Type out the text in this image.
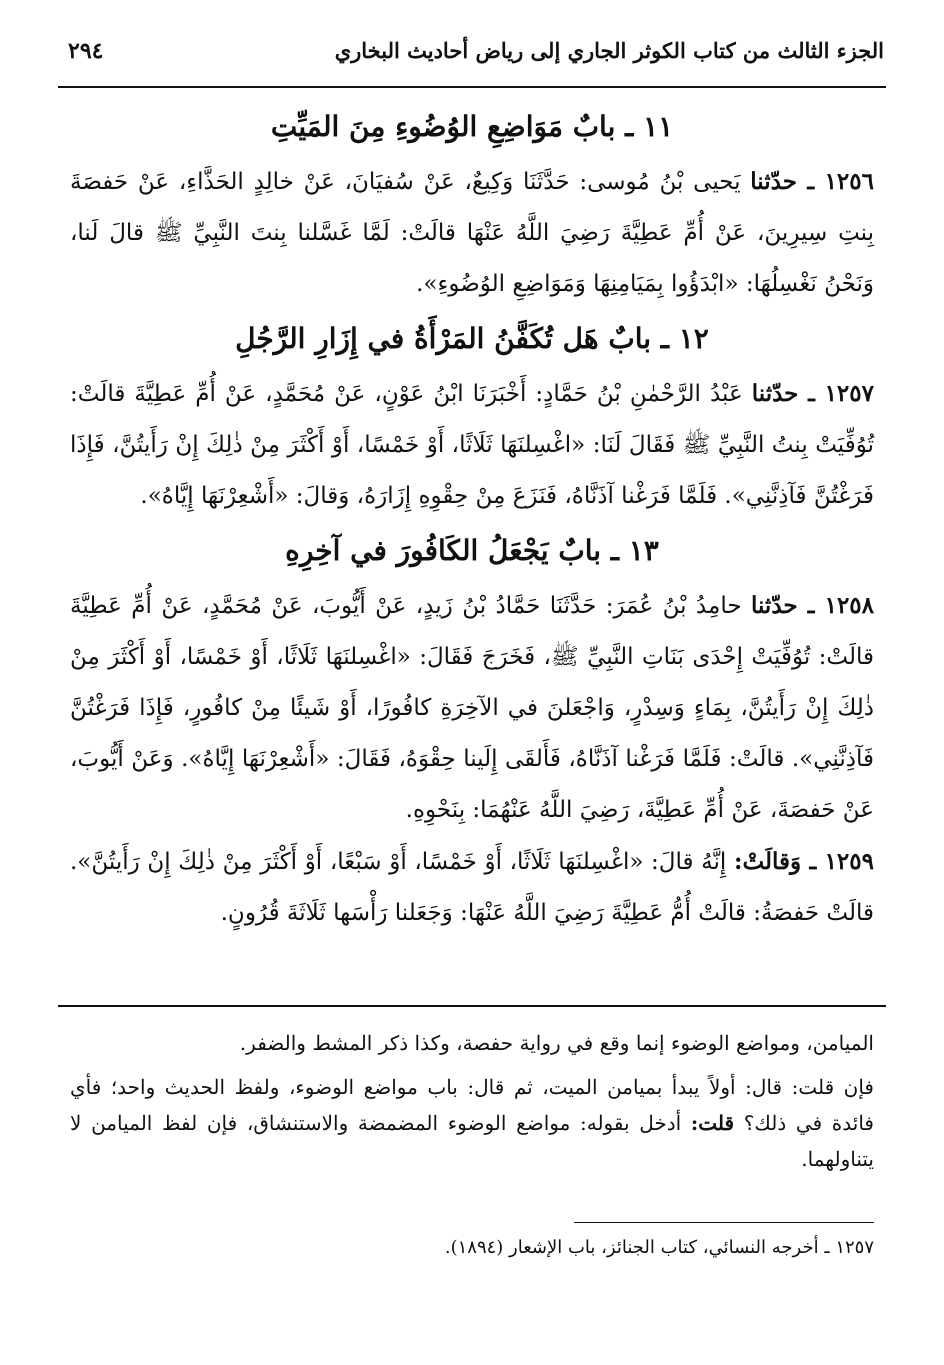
الجزء الثالث من كتاب الكوثر الجاري إلى رياض أحاديث البخاري
٢٩٤
١١ ـ بابٌ مَوَاضِعِ الوُضُوءِ مِنَ المَيِّتِ

١٢٥٦ ـ حدّثنا يَحيى بْنُ مُوسى: حَدَّثَنَا وَكِيعٌ، عَنْ سُفيَانَ، عَنْ خالِدٍ الحَذَّاءِ، عَنْ حَفصَةَ بِنتِ سِيرِينَ، عَنْ أُمِّ عَطِيَّةَ رَضِيَ اللَّهُ عَنْهَا قالَتْ: لَمَّا غَسَّلنا بِنتَ النَّبِيِّ ﷺ قالَ لَنا، وَنَحْنُ نَغْسِلُهَا: «ابْدَؤُوا بِمَيَامِنِهَا وَمَوَاضِعِ الوُضُوءِ».

١٢ ـ بابٌ هَل تُكَفَّنُ المَرْأَةُ في إِزَارِ الرَّجُلِ

١٢٥٧ ـ حدّثنا عَبْدُ الرَّحْمٰنِ بْنُ حَمَّادٍ: أَخْبَرَنَا ابْنُ عَوْنٍ، عَنْ مُحَمَّدٍ، عَنْ أُمِّ عَطِيَّةَ قالَتْ: تُوُفِّيَتْ بِنتُ النَّبِيِّ ﷺ فَقَالَ لَنَا: «اغْسِلنَهَا ثَلَاثًا، أَوْ خَمْسًا، أَوْ أَكْثَرَ مِنْ ذٰلِكَ إِنْ رَأَيتُنَّ، فَإِذَا فَرَغْتُنَّ فَآذِنَّنِي». فَلَمَّا فَرَغْنا آذَنَّاهُ، فَنَزَعَ مِنْ حِقْوِهِ إِزَارَهُ، وَقالَ: «أَشْعِرْنَهَا إِيَّاهُ».

١٣ ـ بابٌ يَجْعَلُ الكَافُورَ في آخِرِهِ

١٢٥٨ ـ حدّثنا حامِدُ بْنُ عُمَرَ: حَدَّثَنَا حَمَّادُ بْنُ زَيدٍ، عَنْ أَيُّوبَ، عَنْ مُحَمَّدٍ، عَنْ أُمِّ عَطِيَّةَ قالَتْ: تُوُفِّيَتْ إِحْدَى بَنَاتِ النَّبِيِّ ﷺ، فَخَرَجَ فَقَالَ: «اغْسِلنَهَا ثَلَاثًا، أَوْ خَمْسًا، أَوْ أَكْثَرَ مِنْ ذٰلِكَ إِنْ رَأَيتُنَّ، بِمَاءٍ وَسِدْرٍ، وَاجْعَلنَ في الآخِرَةِ كافُورًا، أَوْ شَيئًا مِنْ كافُورٍ، فَإِذَا فَرَغْتُنَّ فَآذِنَّنِي». قالَتْ: فَلَمَّا فَرَغْنا آذَنَّاهُ، فَأَلقَى إِلَينا حِقْوَهُ، فَقَالَ: «أَشْعِرْنَهَا إِيَّاهُ». وَعَنْ أَيُّوبَ، عَنْ حَفصَةَ، عَنْ أُمِّ عَطِيَّةَ، رَضِيَ اللَّهُ عَنْهُمَا: بِنَحْوِهِ.

١٢٥٩ ـ وَقالَتْ: إِنَّهُ قالَ: «اغْسِلنَهَا ثَلَاثًا، أَوْ خَمْسًا، أَوْ سَبْعًا، أَوْ أَكْثَرَ مِنْ ذٰلِكَ إِنْ رَأَيتُنَّ». قالَتْ حَفصَةُ: قالَتْ أُمُّ عَطِيَّةَ رَضِيَ اللَّهُ عَنْهَا: وَجَعَلنا رَأْسَها ثَلَاثَةَ قُرُونٍ.

الميامن، ومواضع الوضوء إنما وقع في رواية حفصة، وكذا ذكر المشط والضفر.

فإن قلت: قال: أولاً يبدأ بميامن الميت، ثم قال: باب مواضع الوضوء، ولفظ الحديث واحد؛ فأي فائدة في ذلك؟ قلت: أدخل بقوله: مواضع الوضوء المضمضة والاستنشاق، فإن لفظ الميامن لا يتناولهما.

١٢٥٧ ـ أخرجه النسائي، كتاب الجنائز، باب الإشعار (١٨٩٤).
